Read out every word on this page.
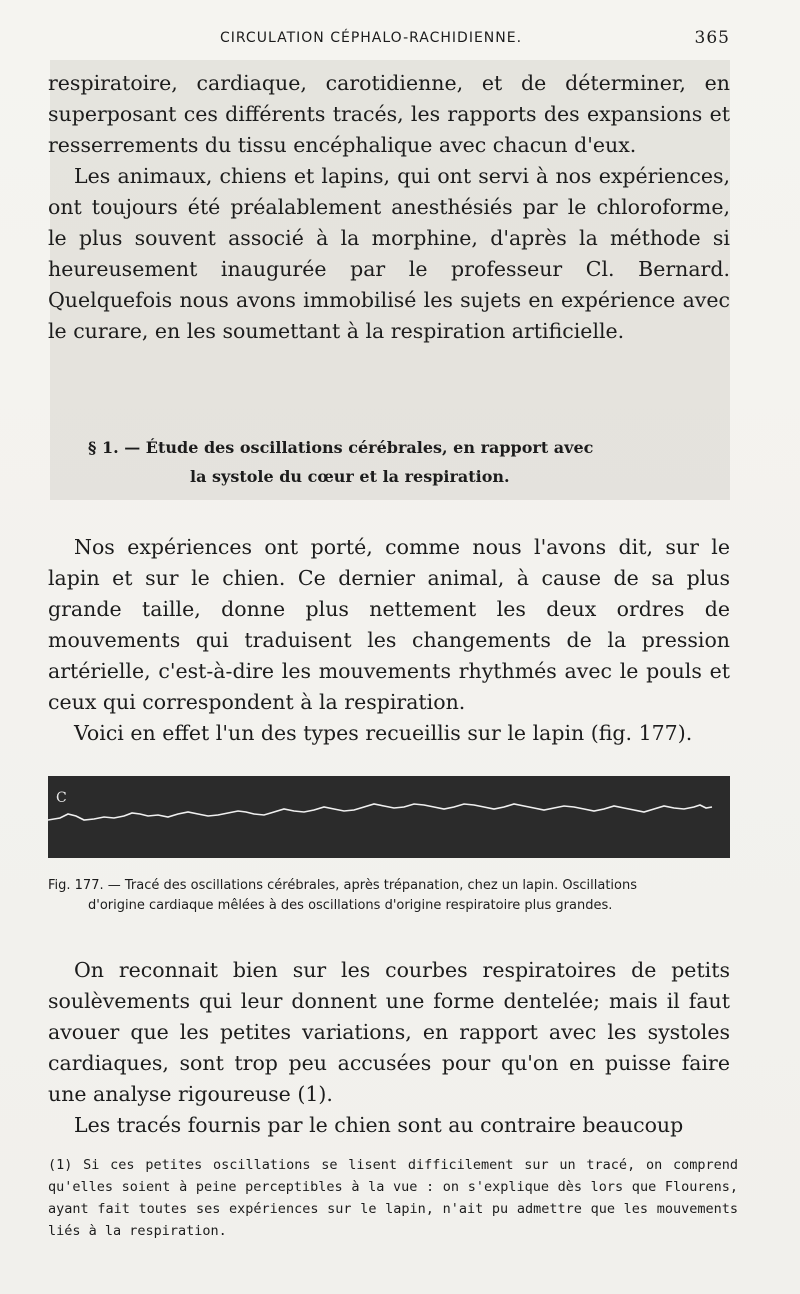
CIRCULATION CÉPHALO-RACHIDIENNE.	365

respiratoire, cardiaque, carotidienne, et de déterminer, en superposant ces différents tracés, les rapports des expansions et resserrements du tissu encéphalique avec chacun d'eux.

Les animaux, chiens et lapins, qui ont servi à nos expériences, ont toujours été préalablement anesthésiés par le chloroforme, le plus souvent associé à la morphine, d'après la méthode si heureusement inaugurée par le professeur Cl. Bernard. Quelquefois nous avons immobilisé les sujets en expérience avec le curare, en les soumettant à la respiration artificielle.

§ 1. — Étude des oscillations cérébrales, en rapport avec
la systole du cœur et la respiration.

Nos expériences ont porté, comme nous l'avons dit, sur le lapin et sur le chien. Ce dernier animal, à cause de sa plus grande taille, donne plus nettement les deux ordres de mouvements qui traduisent les changements de la pression artérielle, c'est-à-dire les mouvements rhythmés avec le pouls et ceux qui correspondent à la respiration.

Voici en effet l'un des types recueillis sur le lapin (fig. 177).

C
Fig. 177. — Tracé des oscillations cérébrales, après trépanation, chez un lapin. Oscillations
d'origine cardiaque mêlées à des oscillations d'origine respiratoire plus grandes.

On reconnait bien sur les courbes respiratoires de petits soulèvements qui leur donnent une forme dentelée; mais il faut avouer que les petites variations, en rapport avec les systoles cardiaques, sont trop peu accusées pour qu'on en puisse faire une analyse rigoureuse (1).

Les tracés fournis par le chien sont au contraire beaucoup

(1) Si ces petites oscillations se lisent difficilement sur un tracé, on comprend qu'elles soient à peine perceptibles à la vue : on s'explique dès lors que Flourens, ayant fait toutes ses expériences sur le lapin, n'ait pu admettre que les mouvements liés à la respiration.
